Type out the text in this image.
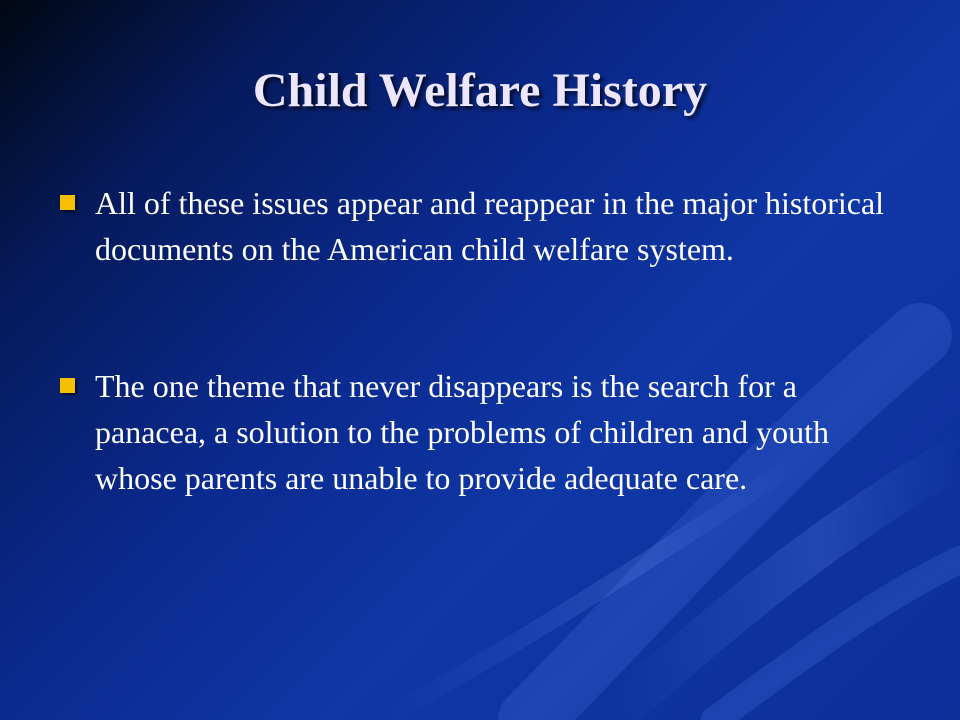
Child Welfare History
All of these issues appear and reappear in the major historical documents on the American child welfare system.
The one theme that never disappears is the search for a panacea, a solution to the problems of children and youth whose parents are unable to provide adequate care.
